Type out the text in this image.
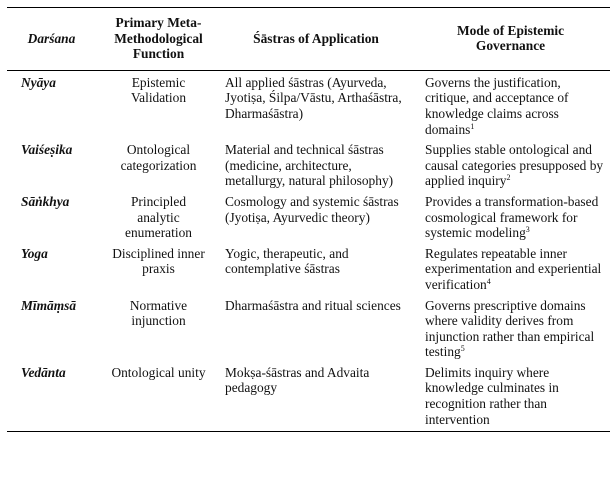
Darśana	Primary Meta-Methodological Function	Śāstras of Application	Mode of Epistemic Governance
Nyāya	Epistemic Validation	All applied śāstras (Ayurveda, Jyotiṣa, Śilpa/Vāstu, Arthaśāstra, Dharmaśāstra)	Governs the justification, critique, and acceptance of knowledge claims across domains$^1$
Vaiśeṣika	Ontological categorization	Material and technical śāstras (medicine, architecture, metallurgy, natural philosophy)	Supplies stable ontological and causal categories presupposed by applied inquiry$^2$
Sāṅkhya	Principled analytic enumeration	Cosmology and systemic śāstras (Jyotiṣa, Ayurvedic theory)	Provides a transformation-based cosmological framework for systemic modeling$^3$
Yoga	Disciplined inner praxis	Yogic, therapeutic, and contemplative śāstras	Regulates repeatable inner experimentation and experiential verification$^4$
Mīmāṃsā	Normative injunction	Dharmaśāstra and ritual sciences	Governs prescriptive domains where validity derives from injunction rather than empirical testing$^5$
Vedānta	Ontological unity	Mokṣa-śāstras and Advaita pedagogy	Delimits inquiry where knowledge culminates in recognition rather than intervention
